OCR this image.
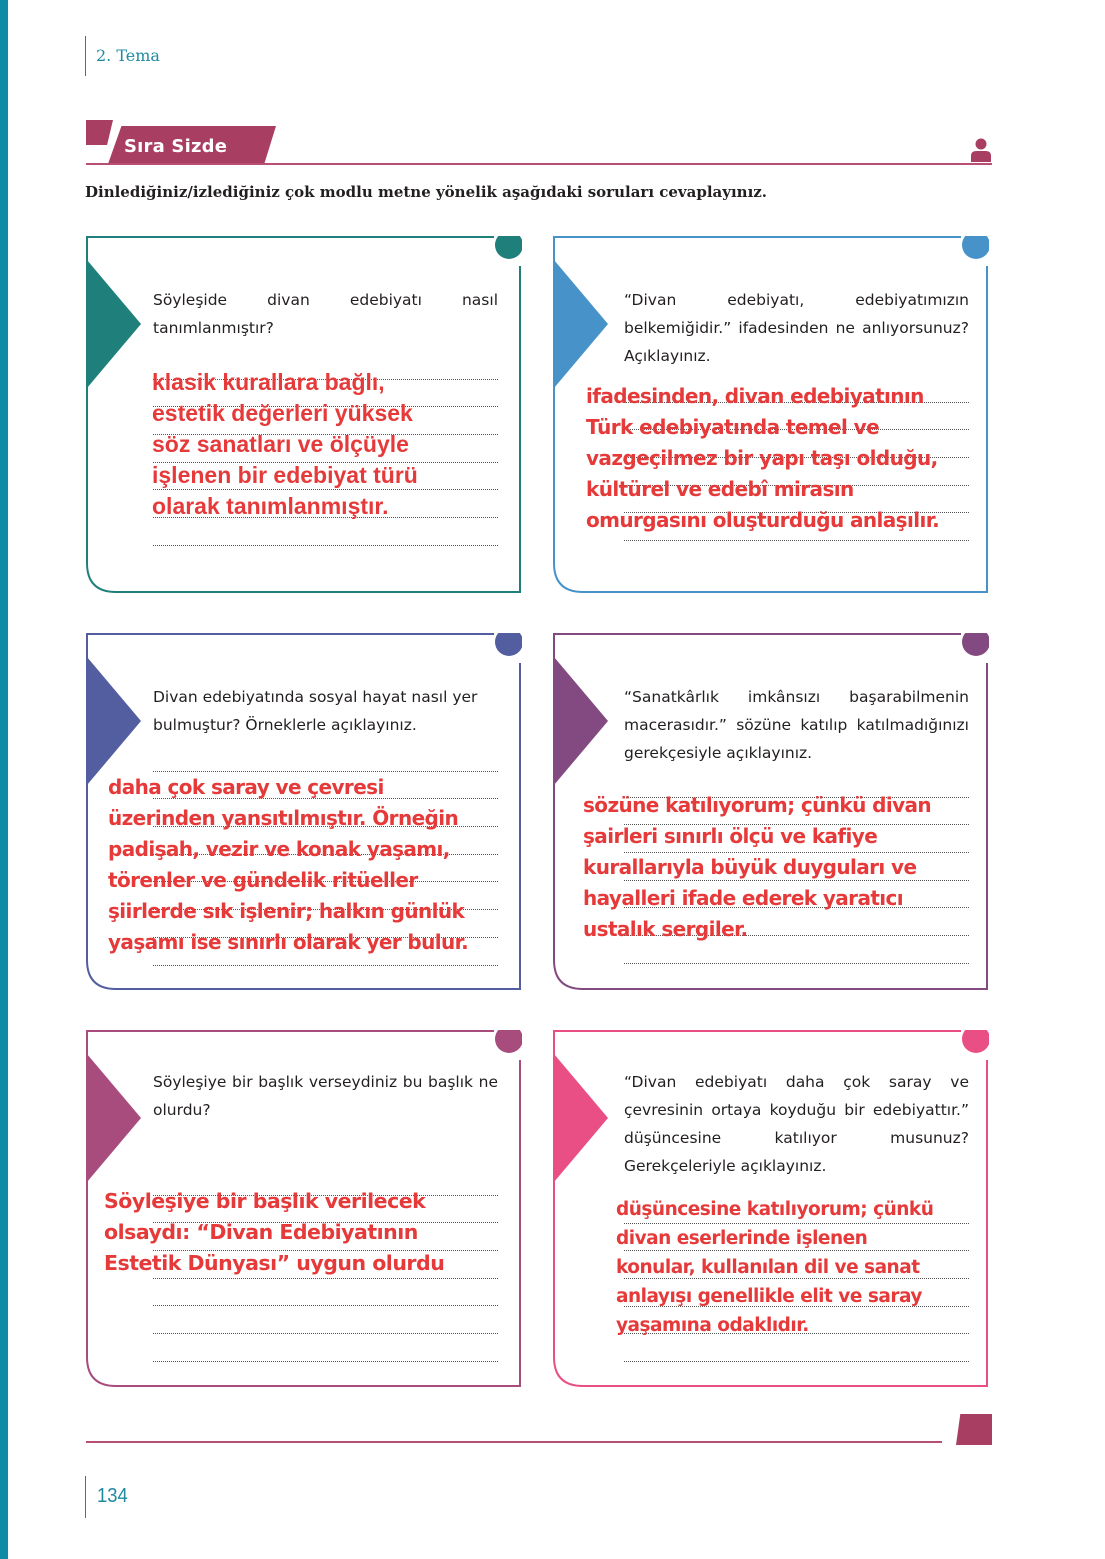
2. Tema
Sıra Sizde
Dinlediğiniz/izlediğiniz çok modlu metne yönelik aşağıdaki soruları cevaplayınız.
Söyleşide divan edebiyatı nasıl tanımlanmıştır?
klasik kurallara bağlı,
estetik değerleri yüksek
söz sanatları ve ölçüyle
işlenen bir edebiyat türü
olarak tanımlanmıştır.
“Divan edebiyatı, edebiyatımızın belkemiğidir.” ifadesinden ne anlıyorsunuz? Açıklayınız.
ifadesinden, divan edebiyatının
Türk edebiyatında temel ve
vazgeçilmez bir yapı taşı olduğu,
kültürel ve edebî mirasın
omurgasını oluşturduğu anlaşılır.
Divan edebiyatında sosyal hayat nasıl yer bulmuştur? Örneklerle açıklayınız.
daha çok saray ve çevresi
üzerinden yansıtılmıştır. Örneğin
padişah, vezir ve konak yaşamı,
törenler ve gündelik ritüeller
şiirlerde sık işlenir; halkın günlük
yaşamı ise sınırlı olarak yer bulur.
“Sanatkârlık imkânsızı başarabilmenin macerasıdır.” sözüne katılıp katılmadığınızı gerekçesiyle açıklayınız.
sözüne katılıyorum; çünkü divan
şairleri sınırlı ölçü ve kafiye
kurallarıyla büyük duyguları ve
hayalleri ifade ederek yaratıcı
ustalık sergiler.
Söyleşiye bir başlık verseydiniz bu başlık ne olurdu?
Söyleşiye bir başlık verilecek
olsaydı: “Divan Edebiyatının
Estetik Dünyası” uygun olurdu
“Divan edebiyatı daha çok saray ve çevresinin ortaya koyduğu bir edebiyattır.” düşüncesine katılıyor musunuz? Gerekçeleriyle açıklayınız.
düşüncesine katılıyorum; çünkü
divan eserlerinde işlenen
konular, kullanılan dil ve sanat
anlayışı genellikle elit ve saray
yaşamına odaklıdır.
134
